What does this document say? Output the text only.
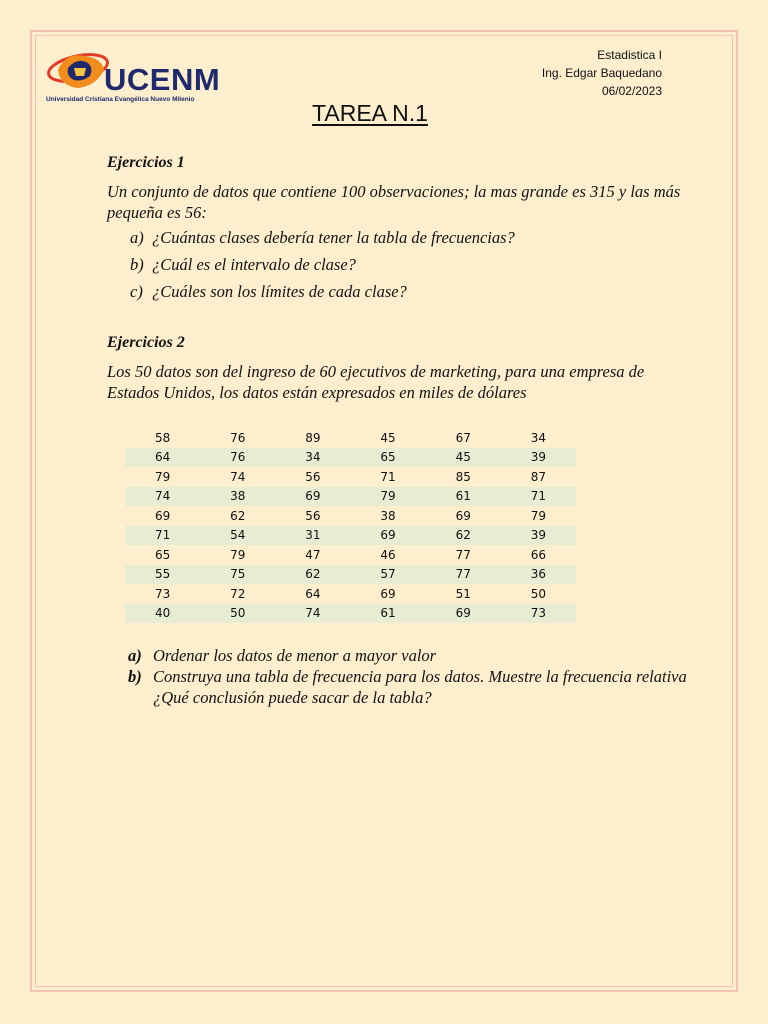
UCENM
Universidad Cristiana Evangélica Nuevo Milenio
Estadistica I
Ing. Edgar Baquedano
06/02/2023
TAREA N.1
Ejercicios 1
Un conjunto de datos que contiene 100 observaciones; la mas grande es 315 y las más pequeña es 56:
a) ¿Cuántas clases debería tener la tabla de frecuencias?
b) ¿Cuál es el intervalo de clase?
c) ¿Cuáles son los límites de cada clase?
Ejercicios 2
Los 50 datos son del ingreso de 60 ejecutivos de marketing, para una empresa de Estados Unidos, los datos están expresados en miles de dólares
58	76	89	45	67	34
64	76	34	65	45	39
79	74	56	71	85	87
74	38	69	79	61	71
69	62	56	38	69	79
71	54	31	69	62	39
65	79	47	46	77	66
55	75	62	57	77	36
73	72	64	69	51	50
40	50	74	61	69	73
a) Ordenar los datos de menor a mayor valor
b) Construya una tabla de frecuencia para los datos. Muestre la frecuencia relativa ¿Qué conclusión puede sacar de la tabla?
